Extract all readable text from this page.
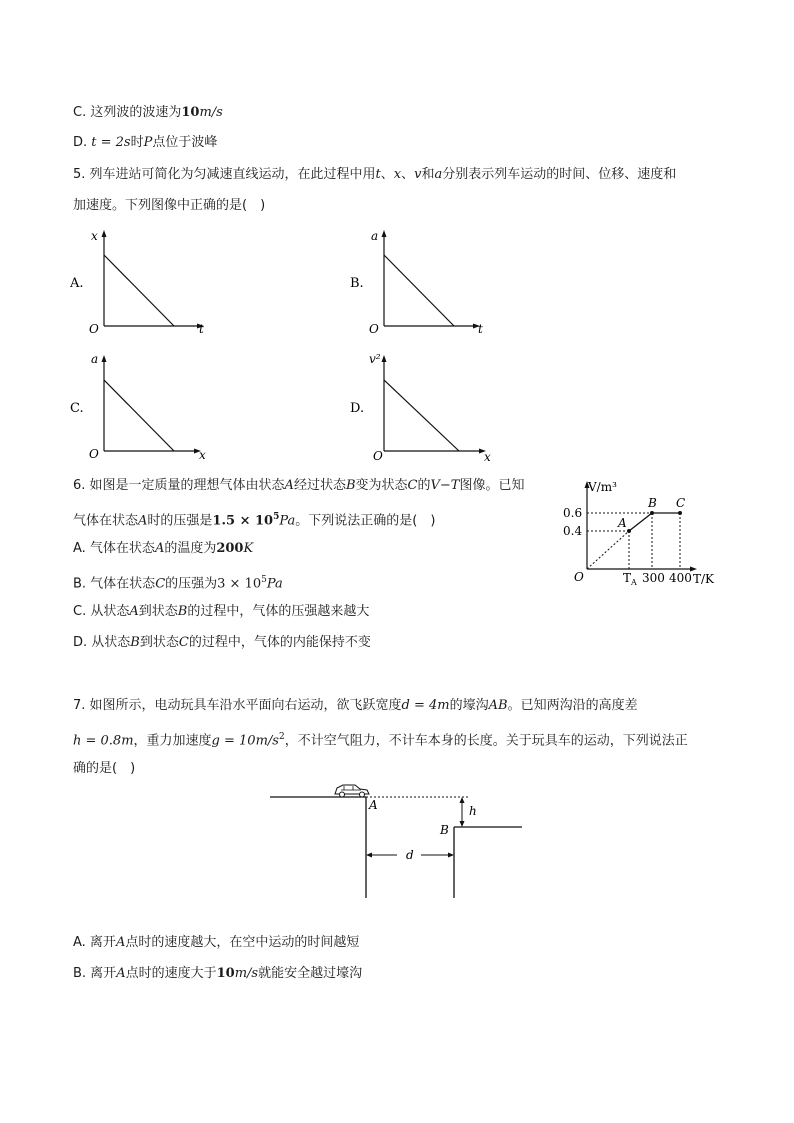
C. 这列波的波速为10m/s
D. t = 2s时P点位于波峰
5. 列车进站可简化为匀减速直线运动，在此过程中用t、x、v和a分别表示列车运动的时间、位移、速度和
加速度。下列图像中正确的是(　)
A.
x
t
O
B.
a
t
O
C.
a
x
O
D.
v²
x
O
6. 如图是一定质量的理想气体由状态A经过状态B变为状态C的V−T图像。已知
气体在状态A时的压强是$1.5 \times 10^5Pa$。下列说法正确的是(　)
A. 气体在状态A的温度为200K
B. 气体在状态C的压强为$3 \times 10^5Pa$
C. 从状态A到状态B的过程中，气体的压强越来越大
D. 从状态B到状态C的过程中，气体的内能保持不变
V/m³
T/K
O
0.6
0.4
A
B C
$T_A$ 300 400
7. 如图所示，电动玩具车沿水平面向右运动，欲飞跃宽度d = 4m的壕沟AB。已知两沟沿的高度差
h = 0.8m，重力加速度$g = 10m/s^2$，不计空气阻力，不计车本身的长度。关于玩具车的运动，下列说法正
确的是(　)
h
d
A
B
A. 离开A点时的速度越大，在空中运动的时间越短
B. 离开A点时的速度大于10m/s就能安全越过壕沟
